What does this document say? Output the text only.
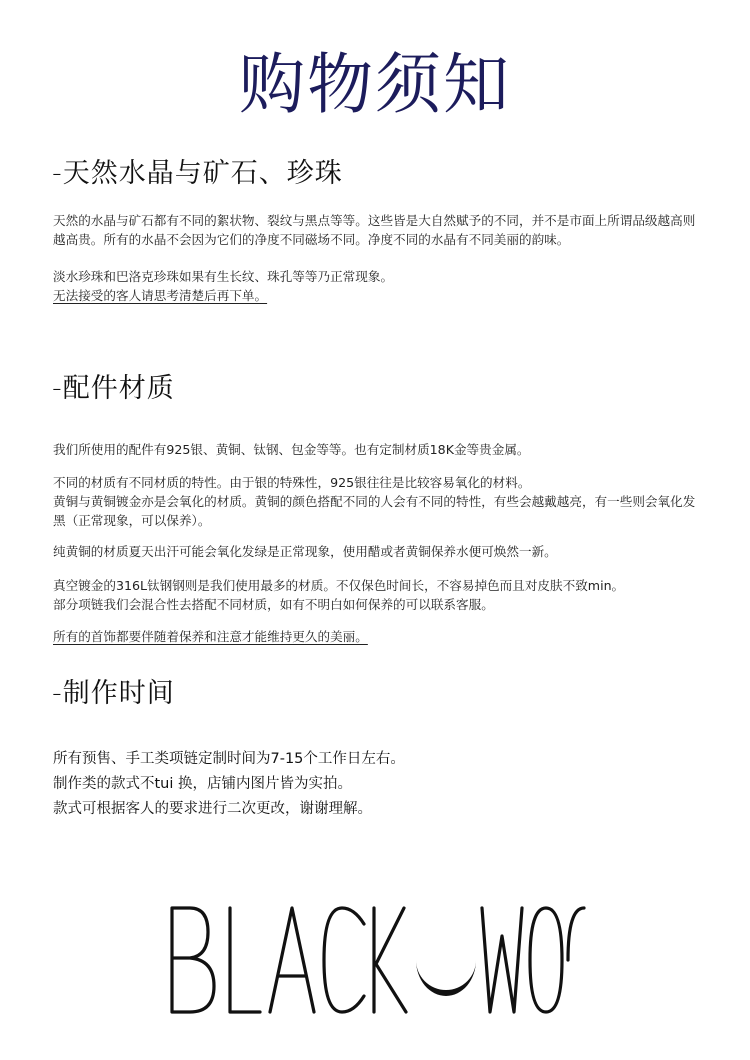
购物须知
-天然水晶与矿石、珍珠

天然的水晶与矿石都有不同的絮状物、裂纹与黑点等等。这些皆是大自然赋予的不同，并不是市面上所谓品级越高则越高贵。所有的水晶不会因为它们的净度不同磁场不同。净度不同的水晶有不同美丽的韵味。

淡水珍珠和巴洛克珍珠如果有生长纹、珠孔等等乃正常现象。

无法接受的客人请思考清楚后再下单。

-配件材质

我们所使用的配件有925银、黄铜、钛钢、包金等等。也有定制材质18K金等贵金属。

不同的材质有不同材质的特性。由于银的特殊性，925银往往是比较容易氧化的材料。

黄铜与黄铜镀金亦是会氧化的材质。黄铜的颜色搭配不同的人会有不同的特性，有些会越戴越亮，有一些则会氧化发黑（正常现象，可以保养）。

纯黄铜的材质夏天出汗可能会氧化发绿是正常现象，使用醋或者黄铜保养水便可焕然一新。

真空镀金的316L钛钢钢则是我们使用最多的材质。不仅保色时间长，不容易掉色而且对皮肤不致min。

部分项链我们会混合性去搭配不同材质，如有不明白如何保养的可以联系客服。

所有的首饰都要伴随着保养和注意才能维持更久的美丽。

-制作时间

所有预售、手工类项链定制时间为7-15个工作日左右。

制作类的款式不tui 换，店铺内图片皆为实拍。

款式可根据客人的要求进行二次更改，谢谢理解。
